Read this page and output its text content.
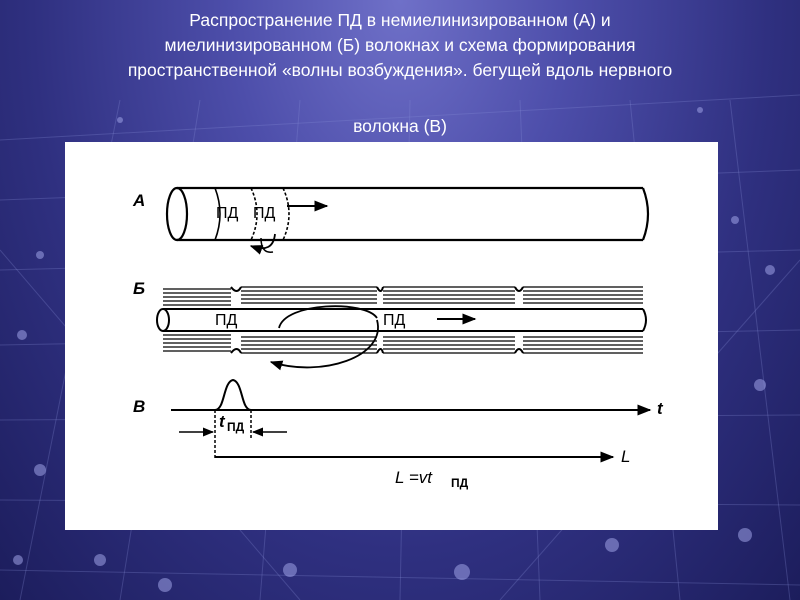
Распространение ПД в немиелинизированном (А) и
миелинизированном (Б) волокнах и схема формирования
пространственной «волны возбуждения». бегущей вдоль нервного
волокна (В)
А
ПД ПД
Б
ПД	ПД
В	t
t ПД
L
L =vt ПД
